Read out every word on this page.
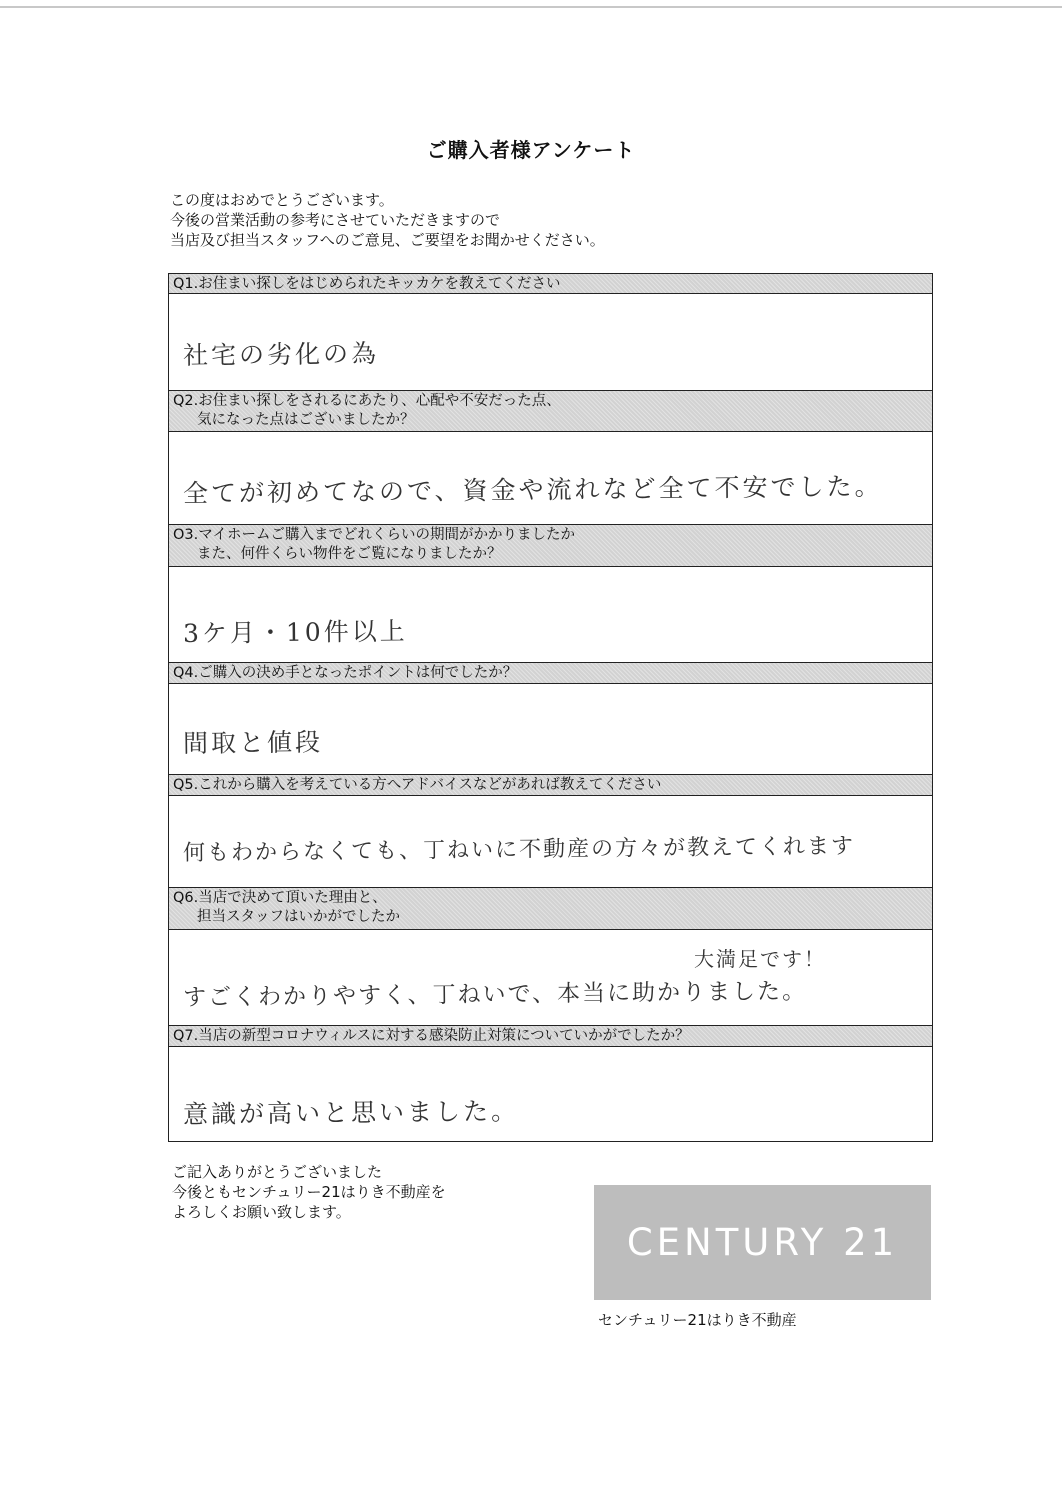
ご購入者様アンケート
この度はおめでとうございます。
今後の営業活動の参考にさせていただきますので
当店及び担当スタッフへのご意見、ご要望をお聞かせください。
Q1.お住まい探しをはじめられたキッカケを教えてください
社宅の劣化の為
Q2.お住まい探しをされるにあたり、心配や不安だった点、
気になった点はございましたか？
全てが初めてなので、資金や流れなど全て不安でした。
O3.マイホームご購入までどれくらいの期間がかかりましたか
また、何件くらい物件をご覧になりましたか？
3ケ月・10件以上
Q4.ご購入の決め手となったポイントは何でしたか？
間取と値段
Q5.これから購入を考えている方へアドバイスなどがあれば教えてください
何もわからなくても、丁ねいに不動産の方々が教えてくれます
Q6.当店で決めて頂いた理由と、
担当スタッフはいかがでしたか
大満足です！
すごくわかりやすく、丁ねいで、本当に助かりました。
Q7.当店の新型コロナウィルスに対する感染防止対策についていかがでしたか？
意識が高いと思いました。
ご記入ありがとうございました
今後ともセンチュリー21はりき不動産を
よろしくお願い致します。
CENTURY 21
センチュリー21はりき不動産
